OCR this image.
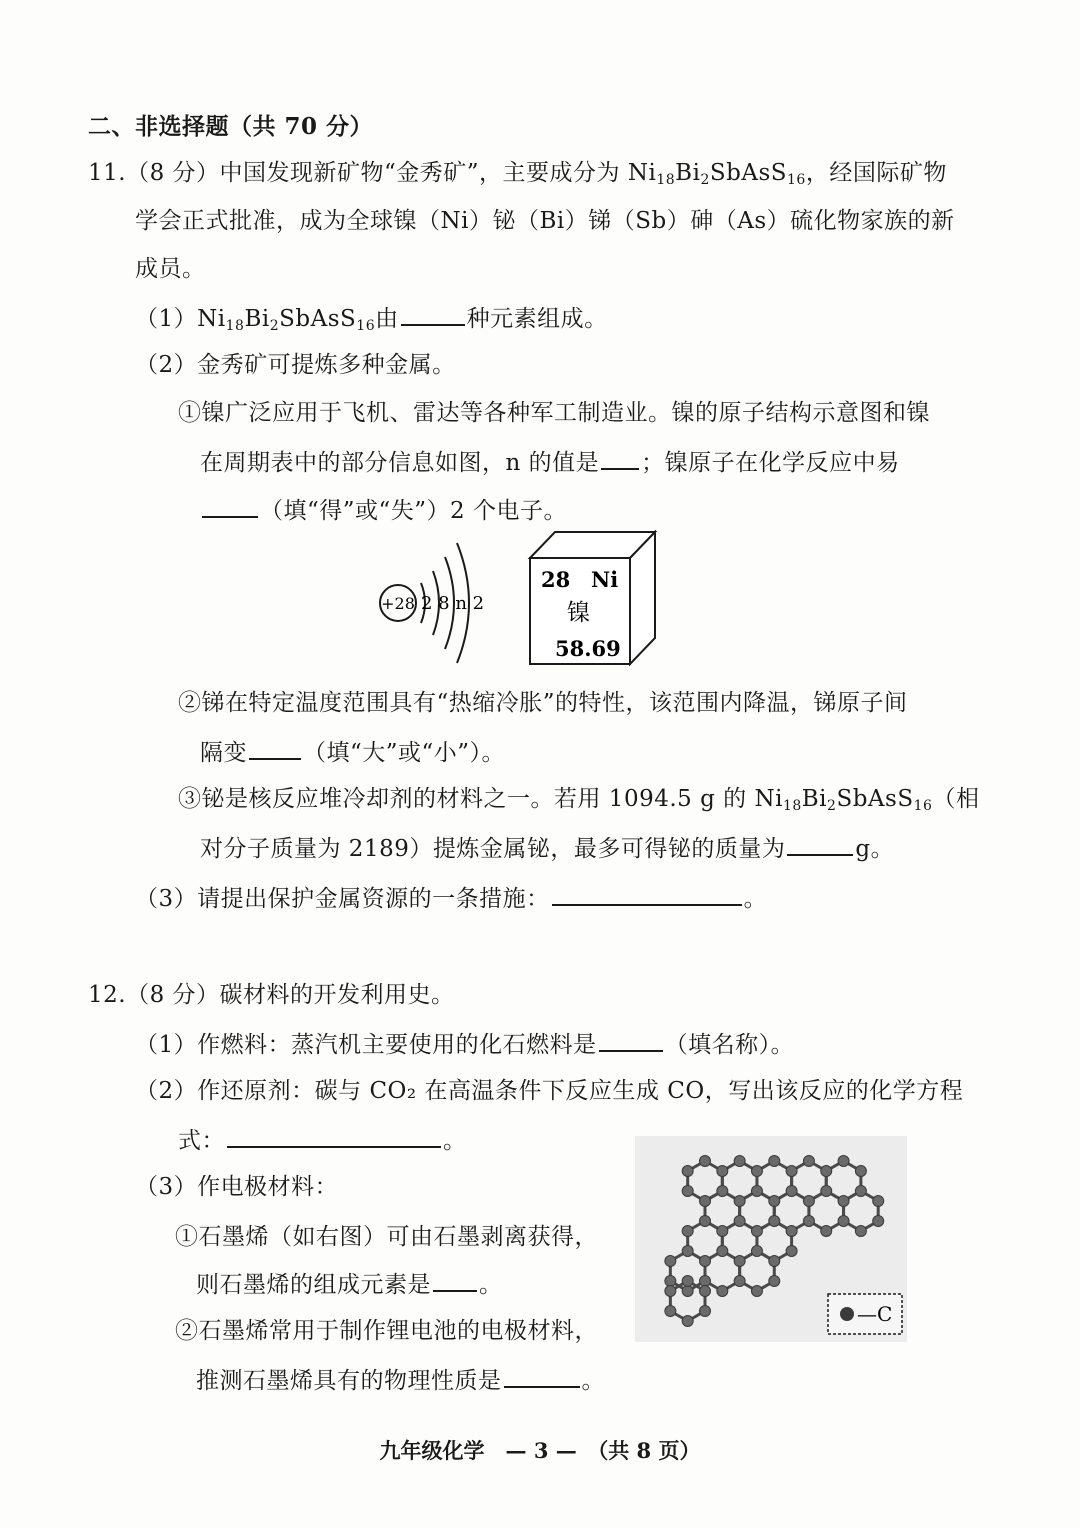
二、非选择题（共 70 分）
11.（8 分）中国发现新矿物“金秀矿”，主要成分为 $Ni_{18}Bi_2SbAsS_{16}$，经国际矿物
学会正式批准，成为全球镍（Ni）铋（Bi）锑（Sb）砷（As）硫化物家族的新
成员。
$(1)Ni_{18}Bi_2SbAsS_{16}$由	种元素组成。
（2）金秀矿可提炼多种金属。
①镍广泛应用于飞机、雷达等各种军工制造业。镍的原子结构示意图和镍
在周期表中的部分信息如图，n 的值是 ；镍原子在化学反应中易
（填“得”或“失”）2 个电子。
+28 2 8 n 2
28 Ni
镍
58.69
②锑在特定温度范围具有“热缩冷胀”的特性，该范围内降温，锑原子间
隔变 （填“大”或“小”）。
③铋是核反应堆冷却剂的材料之一。若用 1094.5 g 的 $Ni_{18}Bi_2SbAsS_{16}$（相
对分子质量为 2189）提炼金属铋，最多可得铋的质量为	g。
（3）请提出保护金属资源的一条措施：	。
12.（8 分）碳材料的开发利用史。
（1）作燃料：蒸汽机主要使用的化石燃料是	（填名称）。
（2）作还原剂：碳与 CO₂ 在高温条件下反应生成 CO，写出该反应的化学方程
式：	。
（3）作电极材料：
①石墨烯（如右图）可由石墨剥离获得，
则石墨烯的组成元素是 。
②石墨烯常用于制作锂电池的电极材料，
推测石墨烯具有的物理性质是	。
—C
九年级化学　— 3 —　（共 8 页）
